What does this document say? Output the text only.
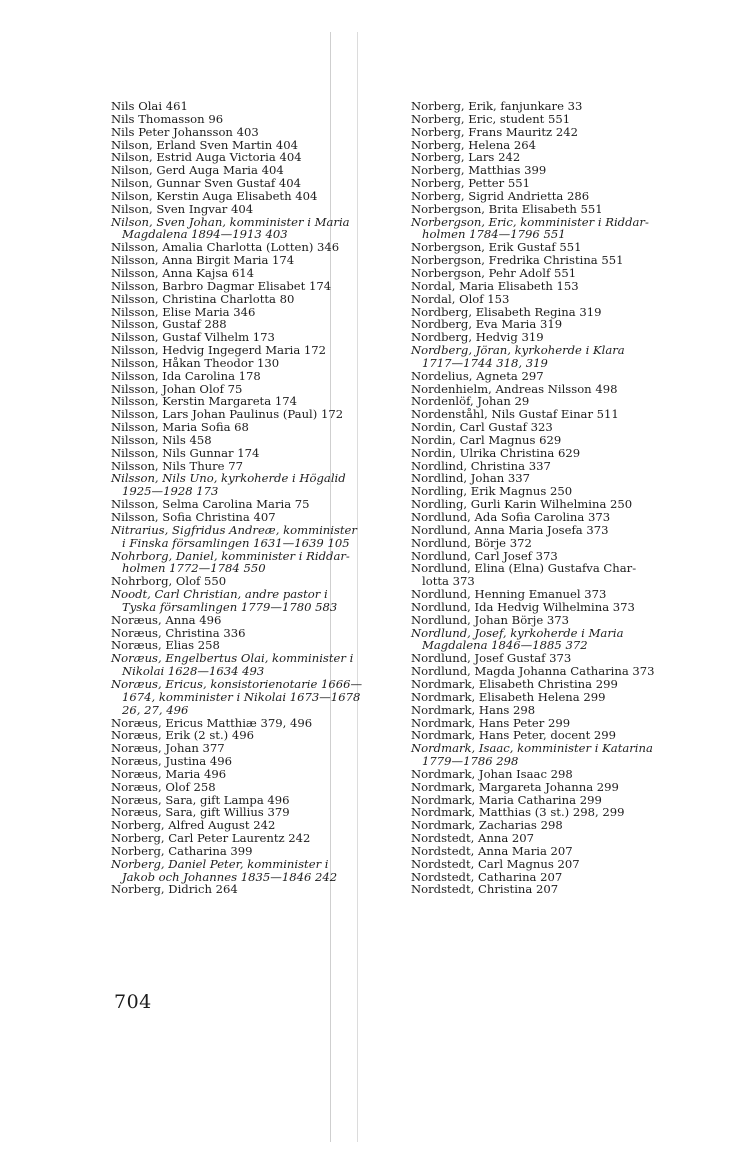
Nils Olai 461
Nils Thomasson 96
Nils Peter Johansson 403
Nilson, Erland Sven Martin 404
Nilson, Estrid Auga Victoria 404
Nilson, Gerd Auga Maria 404
Nilson, Gunnar Sven Gustaf 404
Nilson, Kerstin Auga Elisabeth 404
Nilson, Sven Ingvar 404
Nilson, Sven Johan, komminister i Maria
Magdalena 1894—1913 403
Nilsson, Amalia Charlotta (Lotten) 346
Nilsson, Anna Birgit Maria 174
Nilsson, Anna Kajsa 614
Nilsson, Barbro Dagmar Elisabet 174
Nilsson, Christina Charlotta 80
Nilsson, Elise Maria 346
Nilsson, Gustaf 288
Nilsson, Gustaf Vilhelm 173
Nilsson, Hedvig Ingegerd Maria 172
Nilsson, Håkan Theodor 130
Nilsson, Ida Carolina 178
Nilsson, Johan Olof 75
Nilsson, Kerstin Margareta 174
Nilsson, Lars Johan Paulinus (Paul) 172
Nilsson, Maria Sofia 68
Nilsson, Nils 458
Nilsson, Nils Gunnar 174
Nilsson, Nils Thure 77
Nilsson, Nils Uno, kyrkoherde i Högalid
1925—1928 173
Nilsson, Selma Carolina Maria 75
Nilsson, Sofia Christina 407
Nitrarius, Sigfridus Andreæ, komminister
i Finska församlingen 1631—1639 105
Nohrborg, Daniel, komminister i Riddar-
holmen 1772—1784 550
Nohrborg, Olof 550
Noodt, Carl Christian, andre pastor i
Tyska församlingen 1779—1780 583
Noræus, Anna 496
Noræus, Christina 336
Noræus, Elias 258
Noræus, Engelbertus Olai, komminister i
Nikolai 1628—1634 493
Noræus, Ericus, konsistorienotarie 1666—
1674, komminister i Nikolai 1673—1678
26, 27, 496
Noræus, Ericus Matthiæ 379, 496
Noræus, Erik (2 st.) 496
Noræus, Johan 377
Noræus, Justina 496
Noræus, Maria 496
Noræus, Olof 258
Noræus, Sara, gift Lampa 496
Noræus, Sara, gift Willius 379
Norberg, Alfred August 242
Norberg, Carl Peter Laurentz 242
Norberg, Catharina 399
Norberg, Daniel Peter, komminister i
Jakob och Johannes 1835—1846 242
Norberg, Didrich 264
Norberg, Erik, fanjunkare 33
Norberg, Eric, student 551
Norberg, Frans Mauritz 242
Norberg, Helena 264
Norberg, Lars 242
Norberg, Matthias 399
Norberg, Petter 551
Norberg, Sigrid Andrietta 286
Norbergson, Brita Elisabeth 551
Norbergson, Eric, komminister i Riddar-
holmen 1784—1796 551
Norbergson, Erik Gustaf 551
Norbergson, Fredrika Christina 551
Norbergson, Pehr Adolf 551
Nordal, Maria Elisabeth 153
Nordal, Olof 153
Nordberg, Elisabeth Regina 319
Nordberg, Eva Maria 319
Nordberg, Hedvig 319
Nordberg, Jöran, kyrkoherde i Klara
1717—1744 318, 319
Nordelius, Agneta 297
Nordenhielm, Andreas Nilsson 498
Nordenlöf, Johan 29
Nordenståhl, Nils Gustaf Einar 511
Nordin, Carl Gustaf 323
Nordin, Carl Magnus 629
Nordin, Ulrika Christina 629
Nordlind, Christina 337
Nordlind, Johan 337
Nordling, Erik Magnus 250
Nordling, Gurli Karin Wilhelmina 250
Nordlund, Ada Sofia Carolina 373
Nordlund, Anna Maria Josefa 373
Nordlund, Börje 372
Nordlund, Carl Josef 373
Nordlund, Elina (Elna) Gustafva Char-
lotta 373
Nordlund, Henning Emanuel 373
Nordlund, Ida Hedvig Wilhelmina 373
Nordlund, Johan Börje 373
Nordlund, Josef, kyrkoherde i Maria
Magdalena 1846—1885 372
Nordlund, Josef Gustaf 373
Nordlund, Magda Johanna Catharina 373
Nordmark, Elisabeth Christina 299
Nordmark, Elisabeth Helena 299
Nordmark, Hans 298
Nordmark, Hans Peter 299
Nordmark, Hans Peter, docent 299
Nordmark, Isaac, komminister i Katarina
1779—1786 298
Nordmark, Johan Isaac 298
Nordmark, Margareta Johanna 299
Nordmark, Maria Catharina 299
Nordmark, Matthias (3 st.) 298, 299
Nordmark, Zacharias 298
Nordstedt, Anna 207
Nordstedt, Anna Maria 207
Nordstedt, Carl Magnus 207
Nordstedt, Catharina 207
Nordstedt, Christina 207
704
